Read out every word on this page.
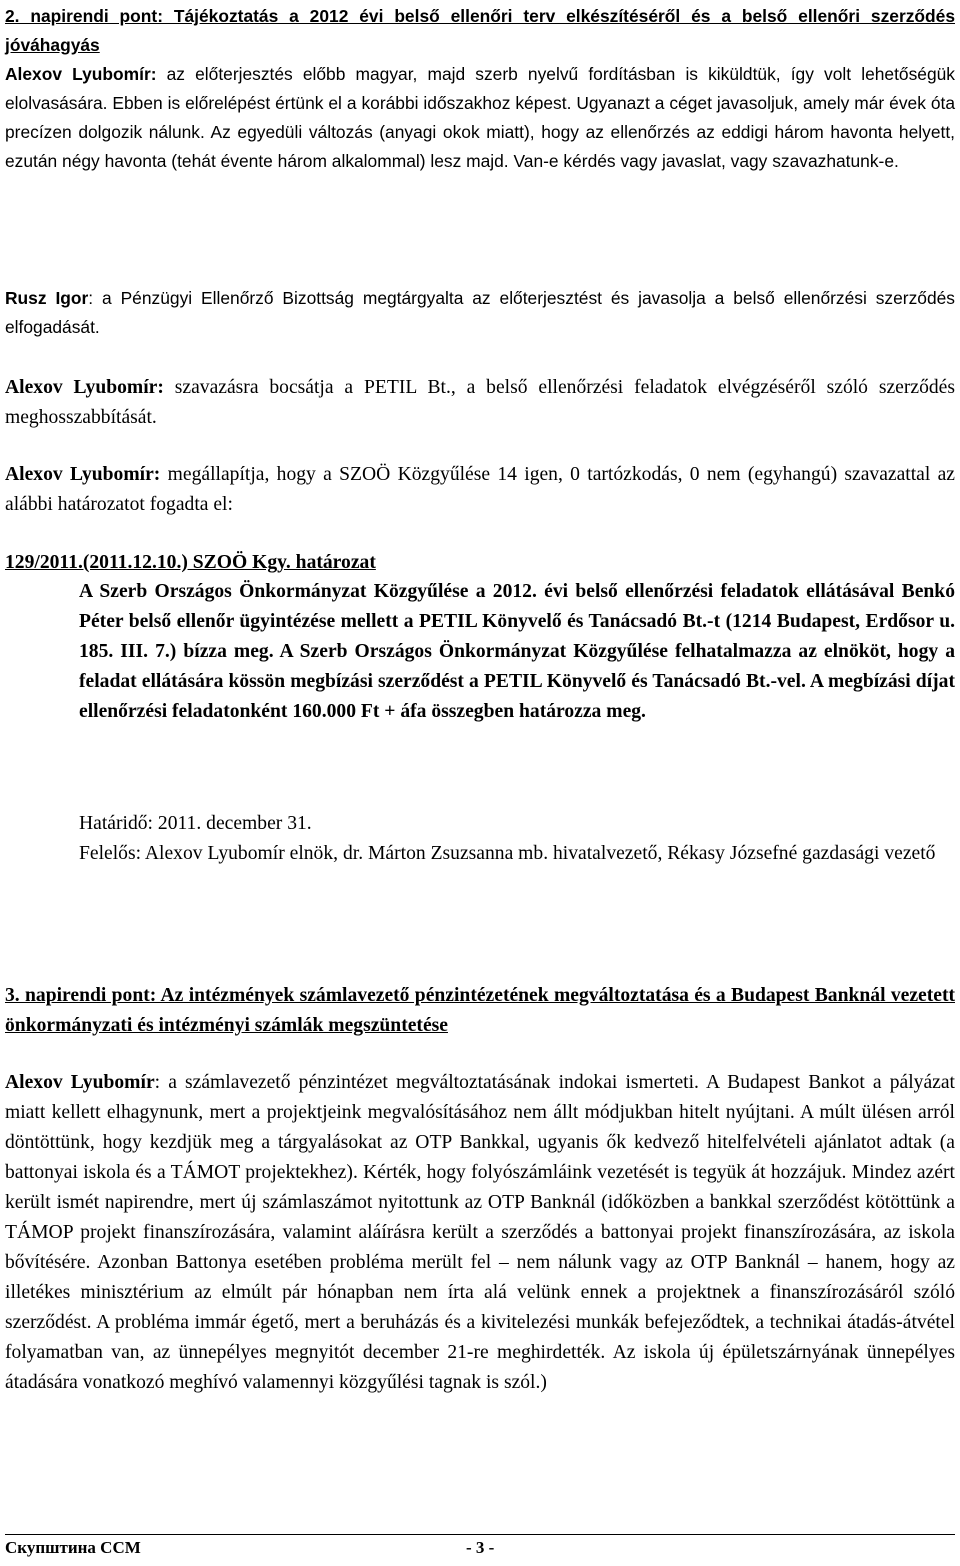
2. napirendi pont: Tájékoztatás a 2012 évi belső ellenőri terv elkészítéséről és a belső ellenőri szerződés jóváhagyás

Alexov Lyubomír: az előterjesztés előbb magyar, majd szerb nyelvű fordításban is kiküldtük, így volt lehetőségük elolvasására. Ebben is előrelépést értünk el a korábbi időszakhoz képest. Ugyanazt a céget javasoljuk, amely már évek óta precízen dolgozik nálunk. Az egyedüli változás (anyagi okok miatt), hogy az ellenőrzés az eddigi három havonta helyett, ezután négy havonta (tehát évente három alkalommal) lesz majd. Van-e kérdés vagy javaslat, vagy szavazhatunk-e.

Rusz Igor: a Pénzügyi Ellenőrző Bizottság megtárgyalta az előterjesztést és javasolja a belső ellenőrzési szerződés elfogadását.

Alexov Lyubomír: szavazásra bocsátja a PETIL Bt., a belső ellenőrzési feladatok elvégzéséről szóló szerződés meghosszabbítását.

Alexov Lyubomír: megállapítja, hogy a SZOÖ Közgyűlése 14 igen, 0 tartózkodás, 0 nem (egyhangú) szavazattal az alábbi határozatot fogadta el:

129/2011.(2011.12.10.) SZOÖ Kgy. határozat

A Szerb Országos Önkormányzat Közgyűlése a 2012. évi belső ellenőrzési feladatok ellátásával Benkó Péter belső ellenőr ügyintézése mellett a PETIL Könyvelő és Tanácsadó Bt.-t (1214 Budapest, Erdősor u. 185. III. 7.) bízza meg. A Szerb Országos Önkormányzat Közgyűlése felhatalmazza az elnököt, hogy a feladat ellátására kössön megbízási szerződést a PETIL Könyvelő és Tanácsadó Bt.-vel. A megbízási díjat ellenőrzési feladatonként 160.000 Ft + áfa összegben határozza meg.

Határidő: 2011. december 31.

Felelős: Alexov Lyubomír elnök, dr. Márton Zsuzsanna mb. hivatalvezető, Rékasy Józsefné gazdasági vezető

3. napirendi pont: Az intézmények számlavezető pénzintézetének megváltoztatása és a Budapest Banknál vezetett önkormányzati és intézményi számlák megszüntetése

Alexov Lyubomír: a számlavezető pénzintézet megváltoztatásának indokai ismerteti. A Budapest Bankot a pályázat miatt kellett elhagynunk, mert a projektjeink megvalósításához nem állt módjukban hitelt nyújtani. A múlt ülésen arról döntöttünk, hogy kezdjük meg a tárgyalásokat az OTP Bankkal, ugyanis ők kedvező hitelfelvételi ajánlatot adtak (a battonyai iskola és a TÁMOT projektekhez). Kérték, hogy folyószámláink vezetését is tegyük át hozzájuk. Mindez azért került ismét napirendre, mert új számlaszámot nyitottunk az OTP Banknál (időközben a bankkal szerződést kötöttünk a TÁMOP projekt finanszírozására, valamint aláírásra került a szerződés a battonyai projekt finanszírozására, az iskola bővítésére. Azonban Battonya esetében probléma merült fel – nem nálunk vagy az OTP Banknál – hanem, hogy az illetékes minisztérium az elmúlt pár hónapban nem írta alá velünk ennek a projektnek a finanszírozásáról szóló szerződést. A probléma immár égető, mert a beruházás és a kivitelezési munkák befejeződtek, a technikai átadás-átvétel folyamatban van, az ünnepélyes megnyitót december 21-re meghirdették. Az iskola új épületszárnyának ünnepélyes átadására vonatkozó meghívó valamennyi közgyűlési tagnak is szól.)

Скупштина ССМ	- 3 -
